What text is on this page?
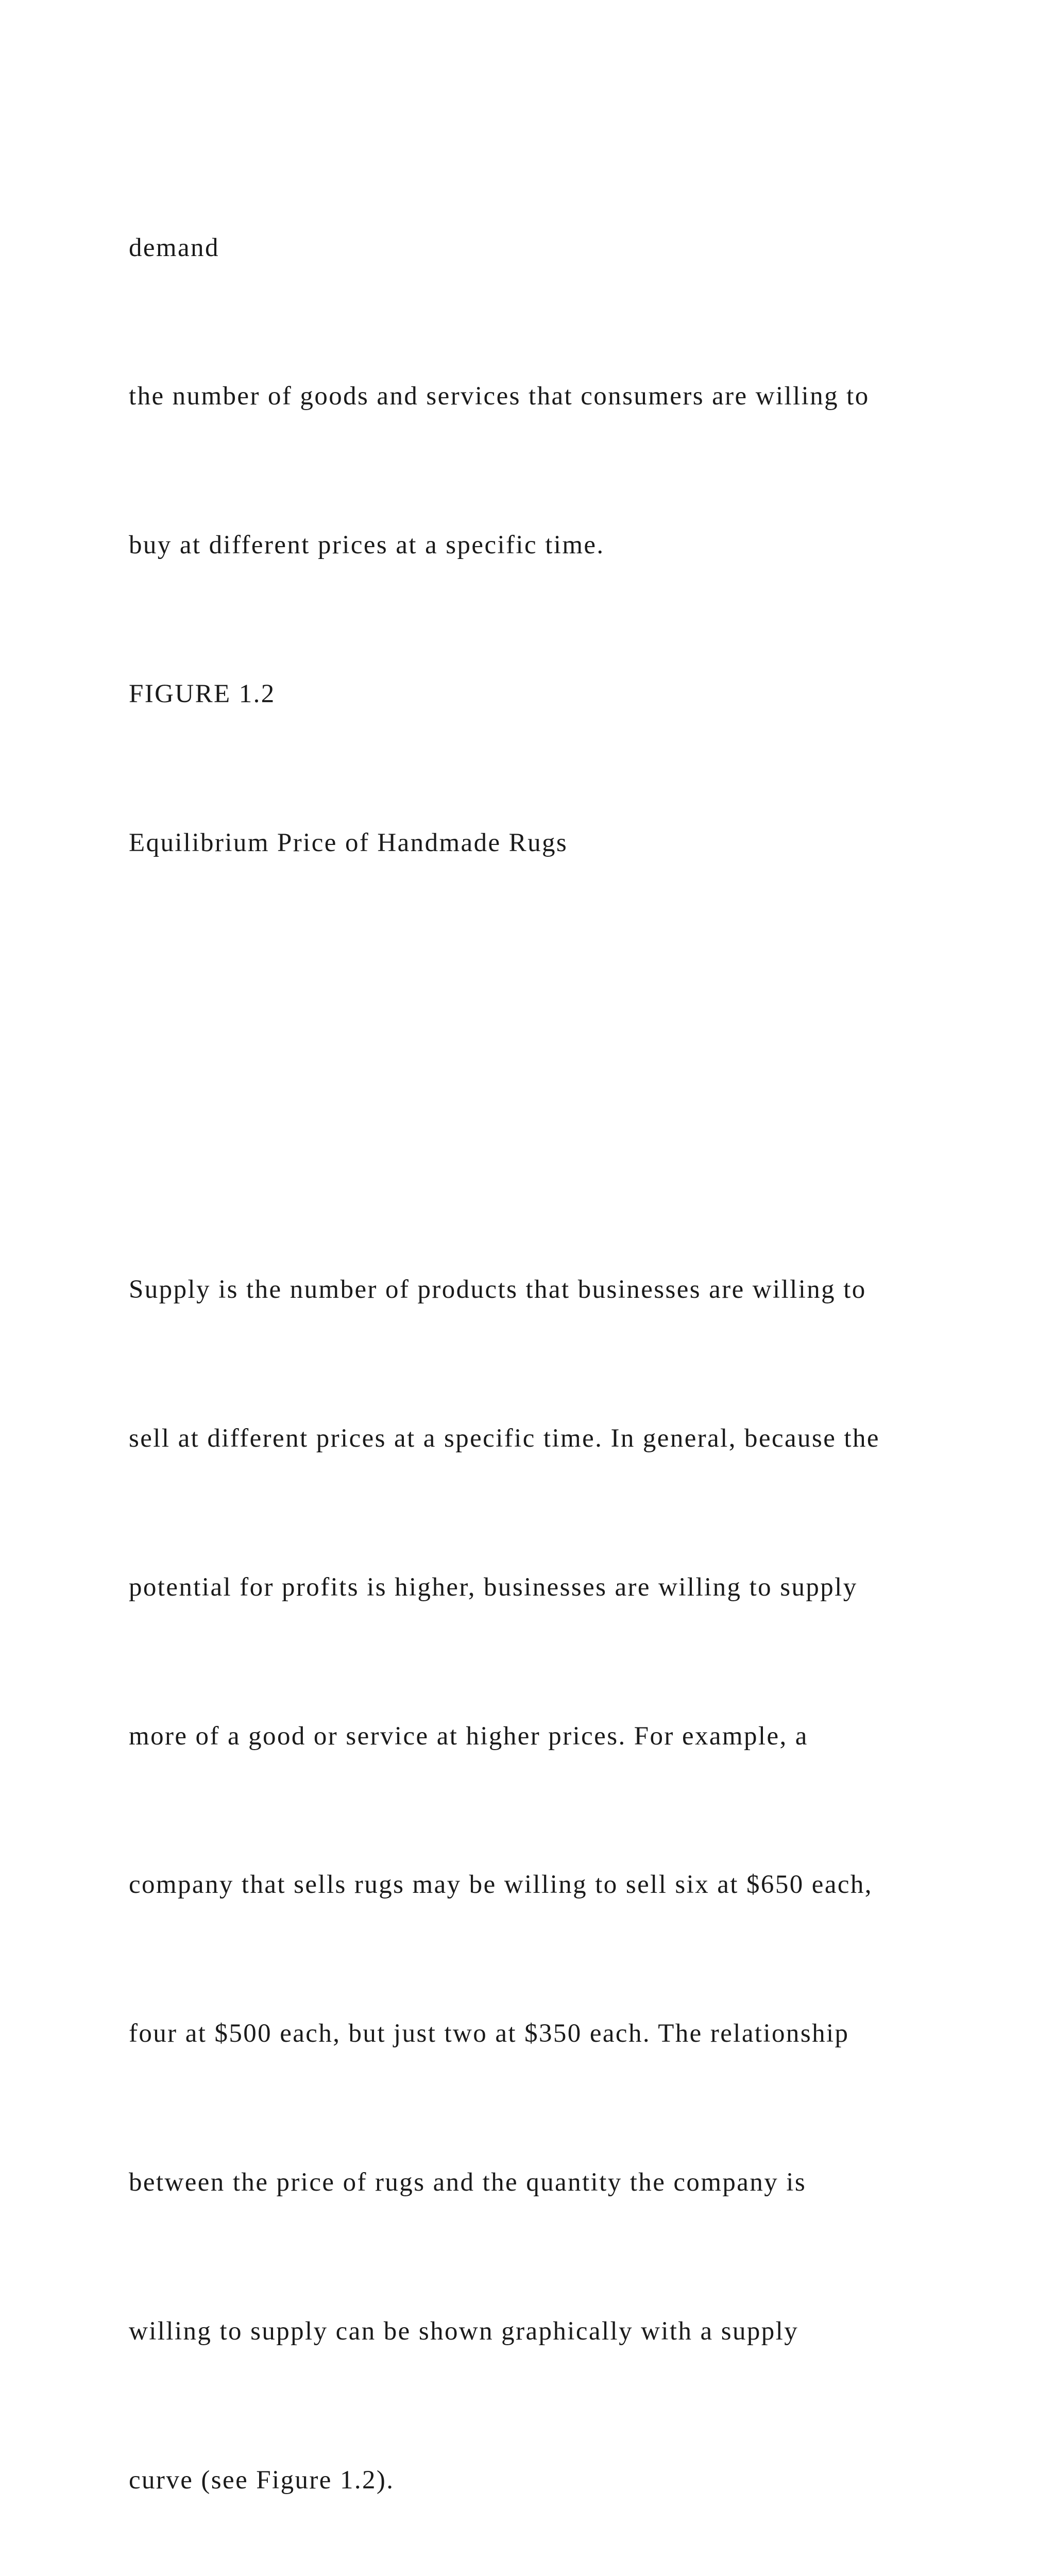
demand

the number of goods and services that consumers are willing to

buy at different prices at a specific time.

FIGURE 1.2

Equilibrium Price of Handmade Rugs

Supply is the number of products that businesses are willing to

sell at different prices at a specific time. In general, because the

potential for profits is higher, businesses are willing to supply

more of a good or service at higher prices. For example, a

company that sells rugs may be willing to sell six at $650 each,

four at $500 each, but just two at $350 each. The relationship

between the price of rugs and the quantity the company is

willing to supply can be shown graphically with a supply

curve (see Figure 1.2).
